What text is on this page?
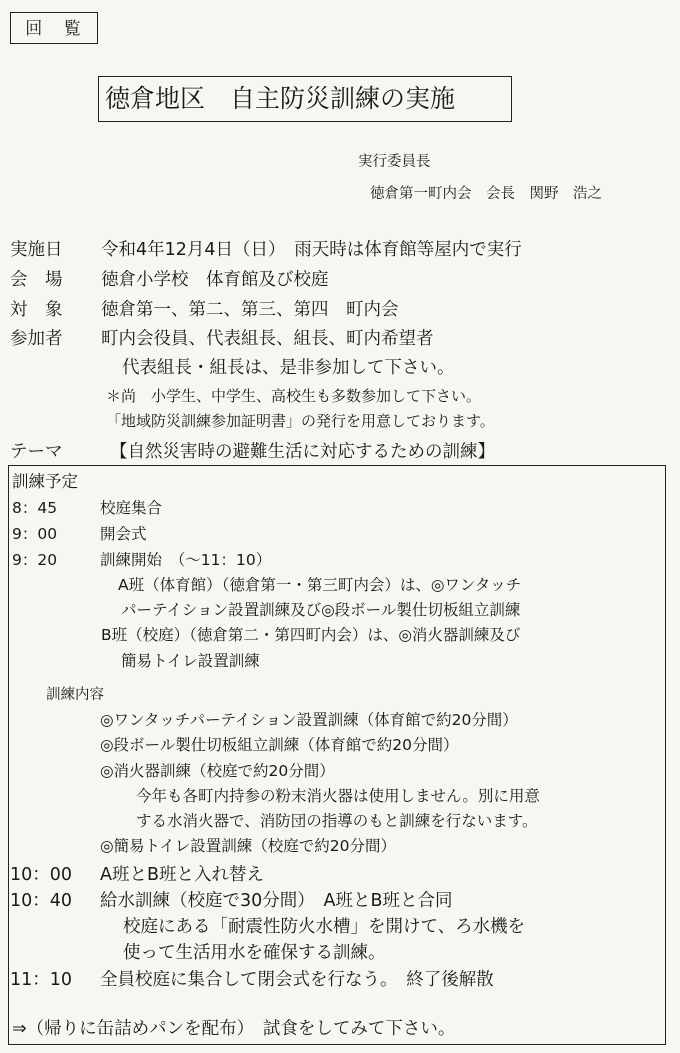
回 覧
徳倉地区　自主防災訓練の実施
実行委員長
徳倉第一町内会　会長　関野　浩之
実施日 令和4年12月4日（日）　雨天時は体育館等屋内で実行
会　場 徳倉小学校　体育館及び校庭
対　象 徳倉第一、第二、第三、第四　町内会
参加者 町内会役員、代表組長、組長、町内希望者
代表組長・組長は、是非参加して下さい。
＊尚　小学生、中学生、高校生も多数参加して下さい。
「地域防災訓練参加証明書」の発行を用意しております。
テーマ	【自然災害時の避難生活に対応するための訓練】
訓練予定
8：45	校庭集合
9：00	開会式
9：20	訓練開始　（～11：10）
A班（体育館）（徳倉第一・第三町内会）は、◎ワンタッチ
パーテイション設置訓練及び◎段ボール製仕切板組立訓練
B班（校庭）（徳倉第二・第四町内会）は、◎消火器訓練及び
簡易トイレ設置訓練
訓練内容
◎ワンタッチパーテイション設置訓練（体育館で約20分間）
◎段ボール製仕切板組立訓練（体育館で約20分間）
◎消火器訓練（校庭で約20分間）
今年も各町内持参の粉末消火器は使用しません。別に用意
する水消火器で、消防団の指導のもと訓練を行ないます。
◎簡易トイレ設置訓練（校庭で約20分間）
10：00 A班とB班と入れ替え
10：40 給水訓練（校庭で30分間）　A班とB班と合同
校庭にある「耐震性防火水槽」を開けて、ろ水機を
使って生活用水を確保する訓練。
11：10 全員校庭に集合して閉会式を行なう。　終了後解散
⇒（帰りに缶詰めパンを配布）　試食をしてみて下さい。
